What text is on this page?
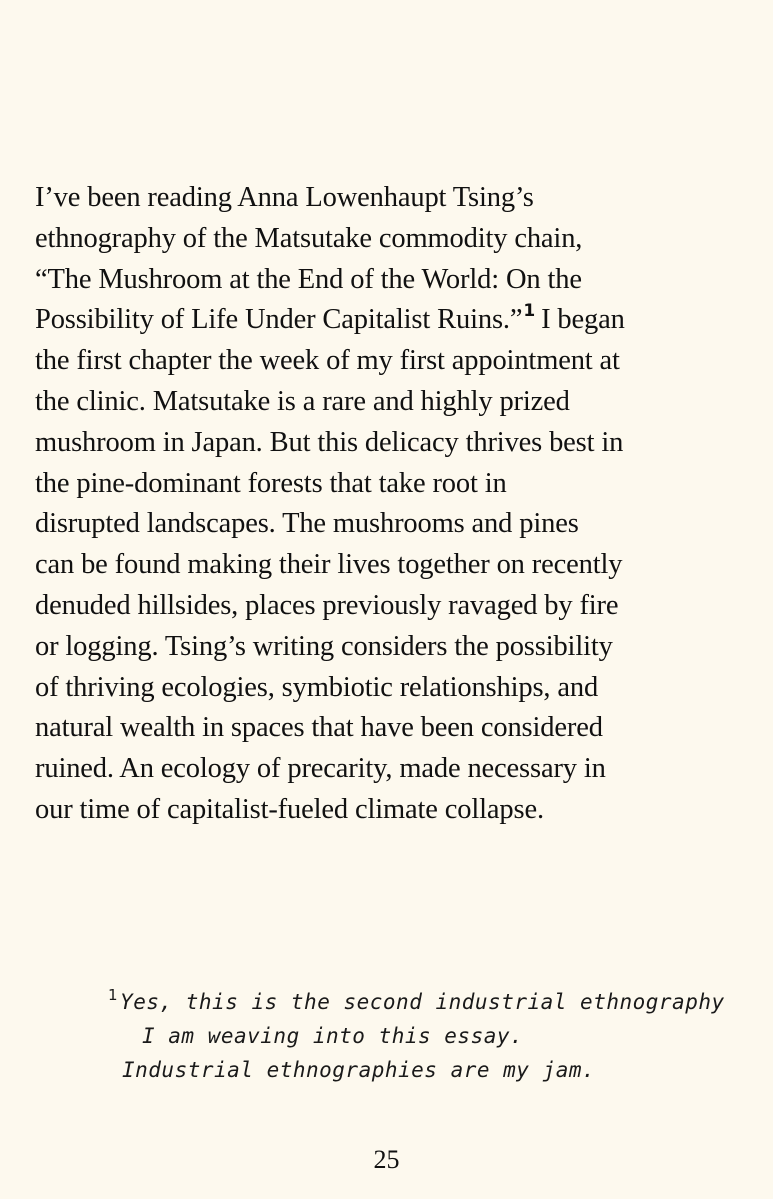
I’ve been reading Anna Lowenhaupt Tsing’s
ethnography of the Matsutake commodity chain,
“The Mushroom at the End of the World: On the
Possibility of Life Under Capitalist Ruins.”$^1$ I began
the first chapter the week of my first appointment at
the clinic. Matsutake is a rare and highly prized
mushroom in Japan. But this delicacy thrives best in
the pine-dominant forests that take root in
disrupted landscapes. The mushrooms and pines
can be found making their lives together on recently
denuded hillsides, places previously ravaged by fire
or logging. Tsing’s writing considers the possibility
of thriving ecologies, symbiotic relationships, and
natural wealth in spaces that have been considered
ruined. An ecology of precarity, made necessary in
our time of capitalist-fueled climate collapse.

$^1$Yes, this is the second industrial ethnography
I am weaving into this essay.
Industrial ethnographies are my jam.
25
